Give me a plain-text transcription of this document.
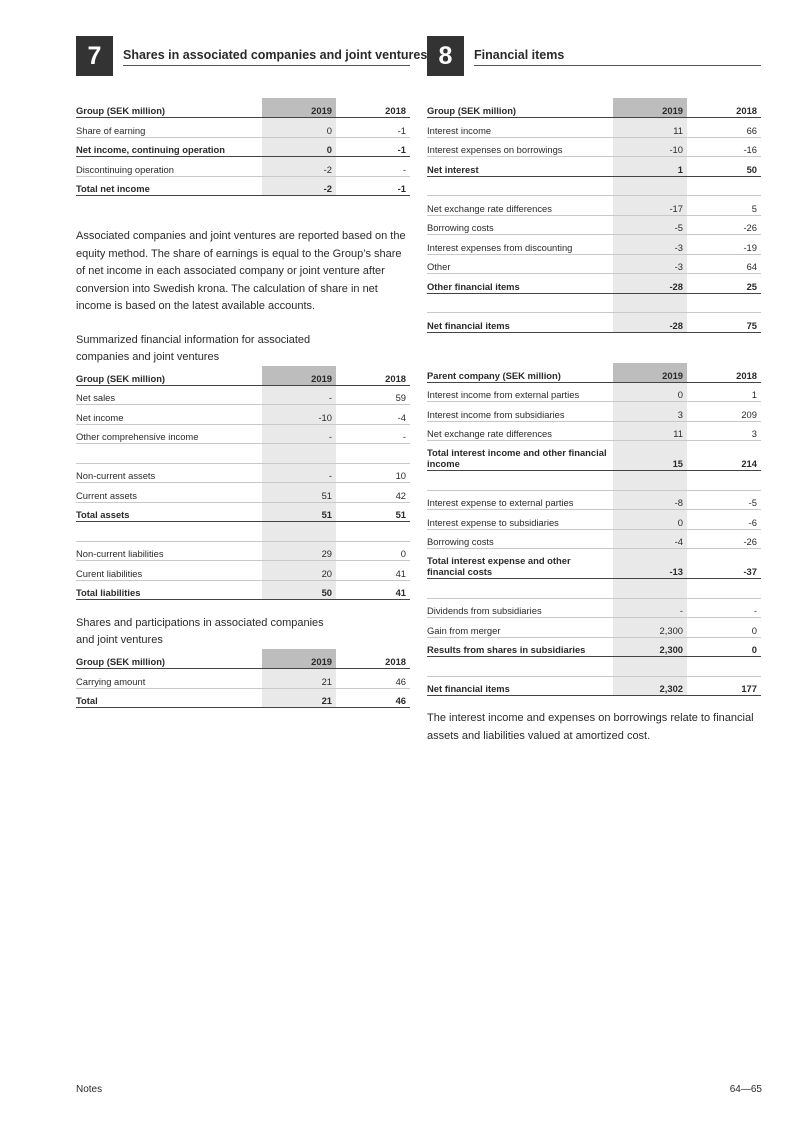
7	Shares in associated companies and joint ventures
Group (SEK million)	2019	2018
Share of earning	0	-1
Net income, continuing operation	0	-1
Discontinuing operation	-2	-
Total net income	-2	-1

Associated companies and joint ventures are reported based on the equity method. The share of earnings is equal to the Group’s share of net income in each associated company or joint venture after conversion into Swedish krona. The calculation of share in net income is based on the latest available accounts.

Summarized financial information for associated companies and joint ventures

Group (SEK million)	2019	2018
Net sales	-	59
Net income	-10	-4
Other comprehensive income	-	-

Non-current assets	-	10
Current assets	51	42
Total assets	51	51

Non-current liabilities	29	0
Curent liabilities	20	41
Total liabilities	50	41

Shares and participations in associated companies and joint ventures

Group (SEK million)	2019	2018
Carrying amount	21	46
Total	21	46
8	Financial items
Group (SEK million)	2019	2018
Interest income	11	66
Interest expenses on borrowings	-10	-16
Net interest	1	50

Net exchange rate differences	-17	5
Borrowing costs	-5	-26
Interest expenses from discounting	-3	-19
Other	-3	64
Other financial items	-28	25

Net financial items	-28	75
Parent company (SEK million)	2019	2018
Interest income from external parties	0	1
Interest income from subsidiaries	3	209
Net exchange rate differences	11	3
Total interest income and other financial income	15	214

Interest expense to external parties	-8	-5
Interest expense to subsidiaries	0	-6
Borrowing costs	-4	-26
Total interest expense and other financial costs	-13	-37

Dividends from subsidiaries	-	-
Gain from merger	2,300	0
Results from shares in subsidiaries	2,300	0

Net financial items	2,302	177

The interest income and expenses on borrowings relate to financial assets and liabilities valued at amortized cost.

Notes	64—65
